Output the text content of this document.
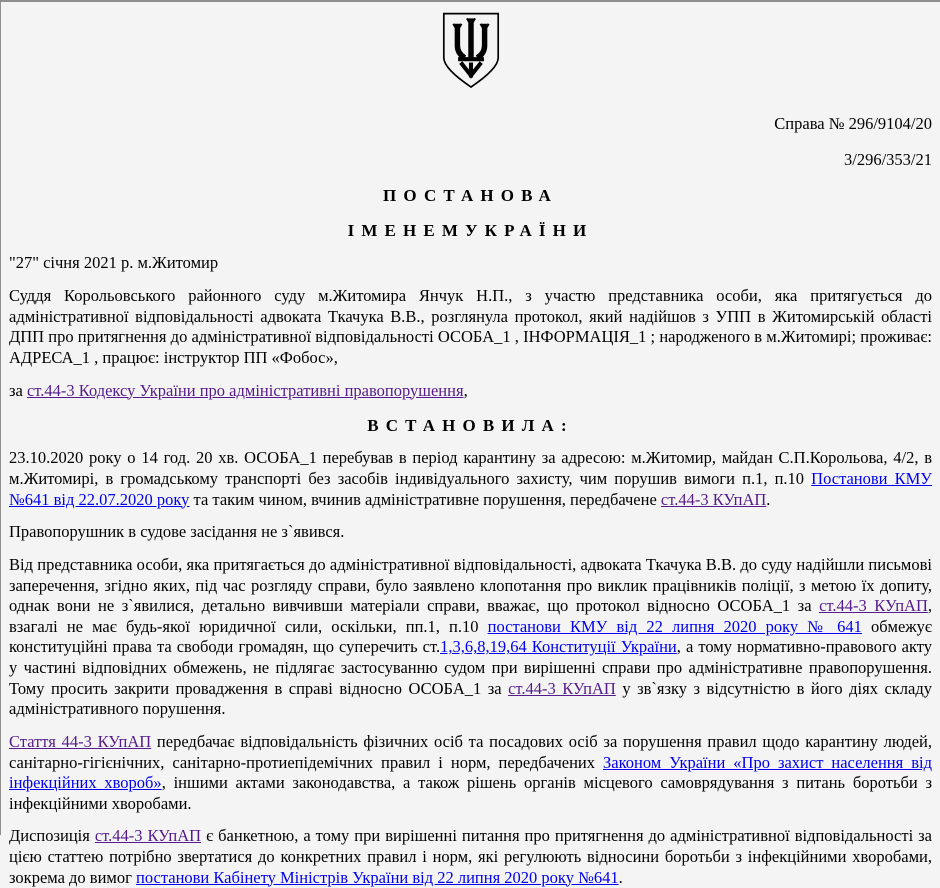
Справа № 296/9104/20
3/296/353/21

ПОСТАНОВА

ІМЕНЕМУКРАЇНИ

"27" січня 2021 р. м.Житомир

Суддя Корольовського районного суду м.Житомира Янчук Н.П., з участю представника особи, яка притягується до адміністративної відповідальності адвоката Ткачука В.В., розглянула протокол, який надійшов з УПП в Житомирській області ДПП про притягнення до адміністративної відповідальності ОСОБА_1 , ІНФОРМАЦІЯ_1 ; народженого в м.Житомирі; проживає: АДРЕСА_1 , працює: інструктор ПП «Фобос»,

за ст.44-3 Кодексу України про адміністративні правопорушення,

ВСТАНОВИЛА:

23.10.2020 року о 14 год. 20 хв. ОСОБА_1 перебував в період карантину за адресою: м.Житомир, майдан С.П.Корольова, 4/2, в м.Житомирі, в громадському транспорті без засобів індивідуального захисту, чим порушив вимоги п.1, п.10 Постанови КМУ №641 від 22.07.2020 року та таким чином, вчинив адміністративне порушення, передбачене ст.44-3 КУпАП.

Правопорушник в судове засідання не з`явився.

Від представника особи, яка притягається до адміністративної відповідальності, адвоката Ткачука В.В. до суду надійшли письмові заперечення, згідно яких, під час розгляду справи, було заявлено клопотання про виклик працівників поліції, з метою їх допиту, однак вони не з`явилися, детально вивчивши матеріали справи, вважає, що протокол відносно ОСОБА_1 за ст.44-3 КУпАП, взагалі не має будь-якої юридичної сили, оскільки, пп.1, п.10 постанови КМУ від 22 липня 2020 року № 641 обмежує конституційні права та свободи громадян, що суперечить ст.1,3,6,8,19,64 Конституції України, а тому нормативно-правового акту у частині відповідних обмежень, не підлягає застосуванню судом при вирішенні справи про адміністративне правопорушення. Тому просить закрити провадження в справі відносно ОСОБА_1 за ст.44-3 КУпАП у зв`язку з відсутністю в його діях складу адміністративного порушення.

Стаття 44-3 КУпАП передбачає відповідальність фізичних осіб та посадових осіб за порушення правил щодо карантину людей, санітарно-гігієнічних, санітарно-протиепідемічних правил і норм, передбачених Законом України «Про захист населення від інфекційних хвороб», іншими актами законодавства, а також рішень органів місцевого самоврядування з питань боротьби з інфекційними хворобами.

Диспозиція ст.44-3 КУпАП є банкетною, а тому при вирішенні питання про притягнення до адміністративної відповідальності за цією статтею потрібно звертатися до конкретних правил і норм, які регулюють відносини боротьби з інфекційними хворобами, зокрема до вимог постанови Кабінету Міністрів України від 22 липня 2020 року №641.
